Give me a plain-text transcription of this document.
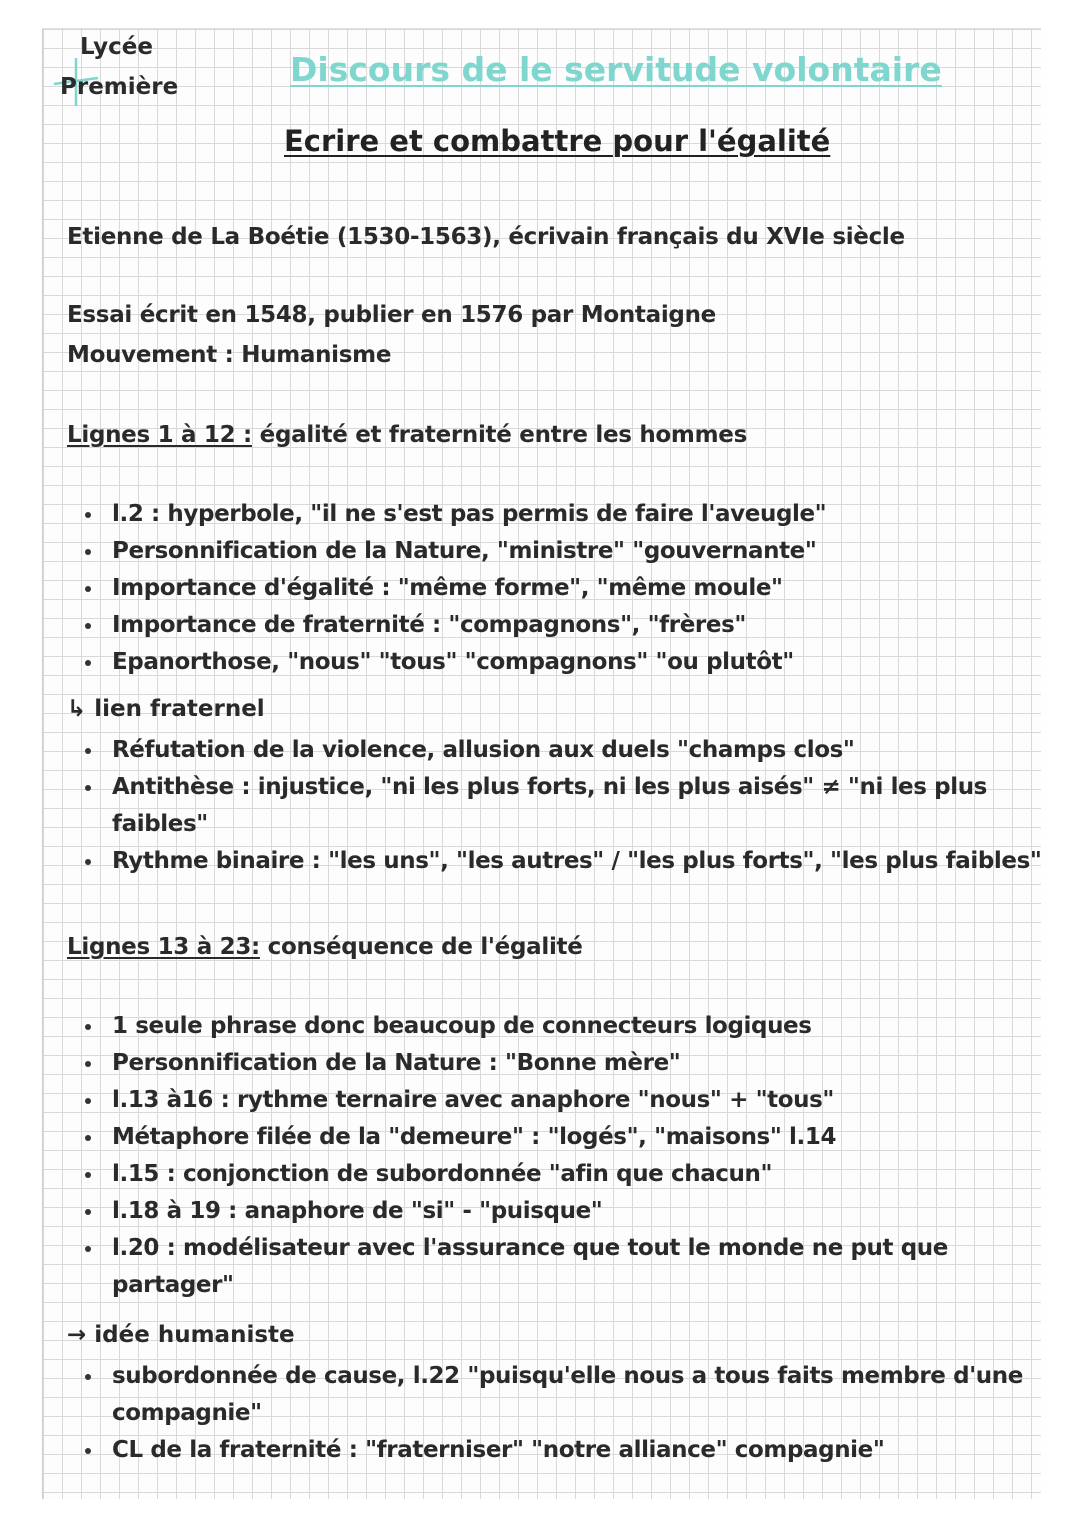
Lycée
Première	Discours de le servitude volontaire
Ecrire et combattre pour l'égalité
Etienne de La Boétie (1530-1563), écrivain français du XVIe siècle
Essai écrit en 1548, publier en 1576 par Montaigne
Mouvement : Humanisme
Lignes 1 à 12 : égalité et fraternité entre les hommes
l.2 : hyperbole, "il ne s'est pas permis de faire l'aveugle"
Personnification de la Nature, "ministre" "gouvernante"
Importance d'égalité : "même forme", "même moule"
Importance de fraternité : "compagnons", "frères"
Epanorthose, "nous" "tous" "compagnons" "ou plutôt"
↳ lien fraternel
Réfutation de la violence, allusion aux duels "champs clos"
Antithèse : injustice, "ni les plus forts, ni les plus aisés" ≠ "ni les plus
faibles"
Rythme binaire : "les uns", "les autres" / "les plus forts", "les plus faibles"
Lignes 13 à 23: conséquence de l'égalité
1 seule phrase donc beaucoup de connecteurs logiques
Personnification de la Nature : "Bonne mère"
l.13 à16 : rythme ternaire avec anaphore "nous" + "tous"
Métaphore filée de la "demeure" : "logés", "maisons" l.14
l.15 : conjonction de subordonnée "afin que chacun"
l.18 à 19 : anaphore de "si" - "puisque"
l.20 : modélisateur avec l'assurance que tout le monde ne put que
partager"
→ idée humaniste
subordonnée de cause, l.22 "puisqu'elle nous a tous faits membre d'une
compagnie"
CL de la fraternité : "fraterniser" "notre alliance" compagnie"
